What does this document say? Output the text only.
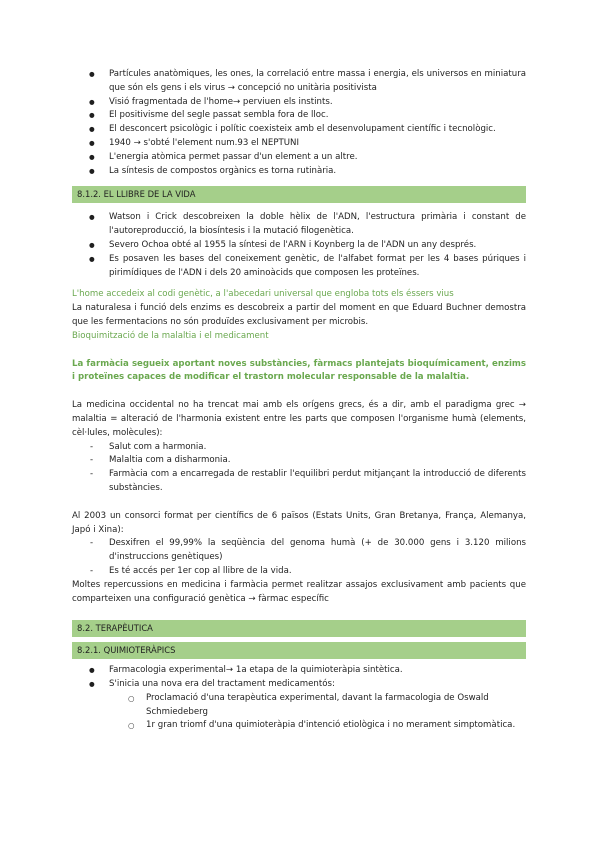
● Partícules anatòmiques, les ones, la correlació entre massa i energia, els universos en miniatura que són els gens i els virus → concepció no unitària positivista
● Visió fragmentada de l'home→ perviuen els instints.
● El positivisme del segle passat sembla fora de lloc.
● El desconcert psicològic i polític coexisteix amb el desenvolupament científic i tecnològic.
● 1940 → s'obté l'element num.93 el NEPTUNI
● L'energia atòmica permet passar d'un element a un altre.
● La síntesis de compostos orgànics es torna rutinària.
8.1.2. EL LLIBRE DE LA VIDA
● Watson i Crick descobreixen la doble hèlix de l'ADN, l'estructura primària i constant de l'autoreproducció, la biosíntesis i la mutació filogenètica.
● Severo Ochoa obté al 1955 la síntesi de l'ARN i Koynberg la de l'ADN un any després.
● Es posaven les bases del coneixement genètic, de l'alfabet format per les 4 bases púriques i pirimídiques de l'ADN i dels 20 aminoàcids que composen les proteïnes.

L'home accedeix al codi genètic, a l'abecedari universal que engloba tots els éssers vius

La naturalesa i funció dels enzims es descobreix a partir del moment en que Eduard Buchner demostra que les fermentacions no són produïdes exclusivament per microbis.

Bioquimització de la malaltia i el medicament

La farmàcia segueix aportant noves substàncies, fàrmacs plantejats bioquímicament, enzims i proteïnes capaces de modificar el trastorn molecular responsable de la malaltia.

La medicina occidental no ha trencat mai amb els orígens grecs, és a dir, amb el paradigma grec → malaltia = alteració de l'harmonia existent entre les parts que composen l'organisme humà (elements, cèl·lules, molècules):

- Salut com a harmonia.
- Malaltia com a disharmonia.
- Farmàcia com a encarregada de restablir l'equilibri perdut mitjançant la introducció de diferents substàncies.

Al 2003 un consorci format per científics de 6 països (Estats Units, Gran Bretanya, França, Alemanya, Japó i Xina):

- Desxifren el 99,99% la seqüència del genoma humà (+ de 30.000 gens i 3.120 milions d'instruccions genètiques)
- Es té accés per 1er cop al llibre de la vida.

Moltes repercussions en medicina i farmàcia permet realitzar assajos exclusivament amb pacients que comparteixen una configuració genètica → fàrmac específic

8.2. TERAPÈUTICA
8.2.1. QUIMIOTERÀPICS
● Farmacologia experimental→ 1a etapa de la quimioteràpia sintètica.
● S'inicia una nova era del tractament medicamentós:
○ Proclamació d'una terapèutica experimental, davant la farmacologia de Oswald Schmiedeberg
○ 1r gran triomf d'una quimioteràpia d'intenció etiològica i no merament simptomàtica.
